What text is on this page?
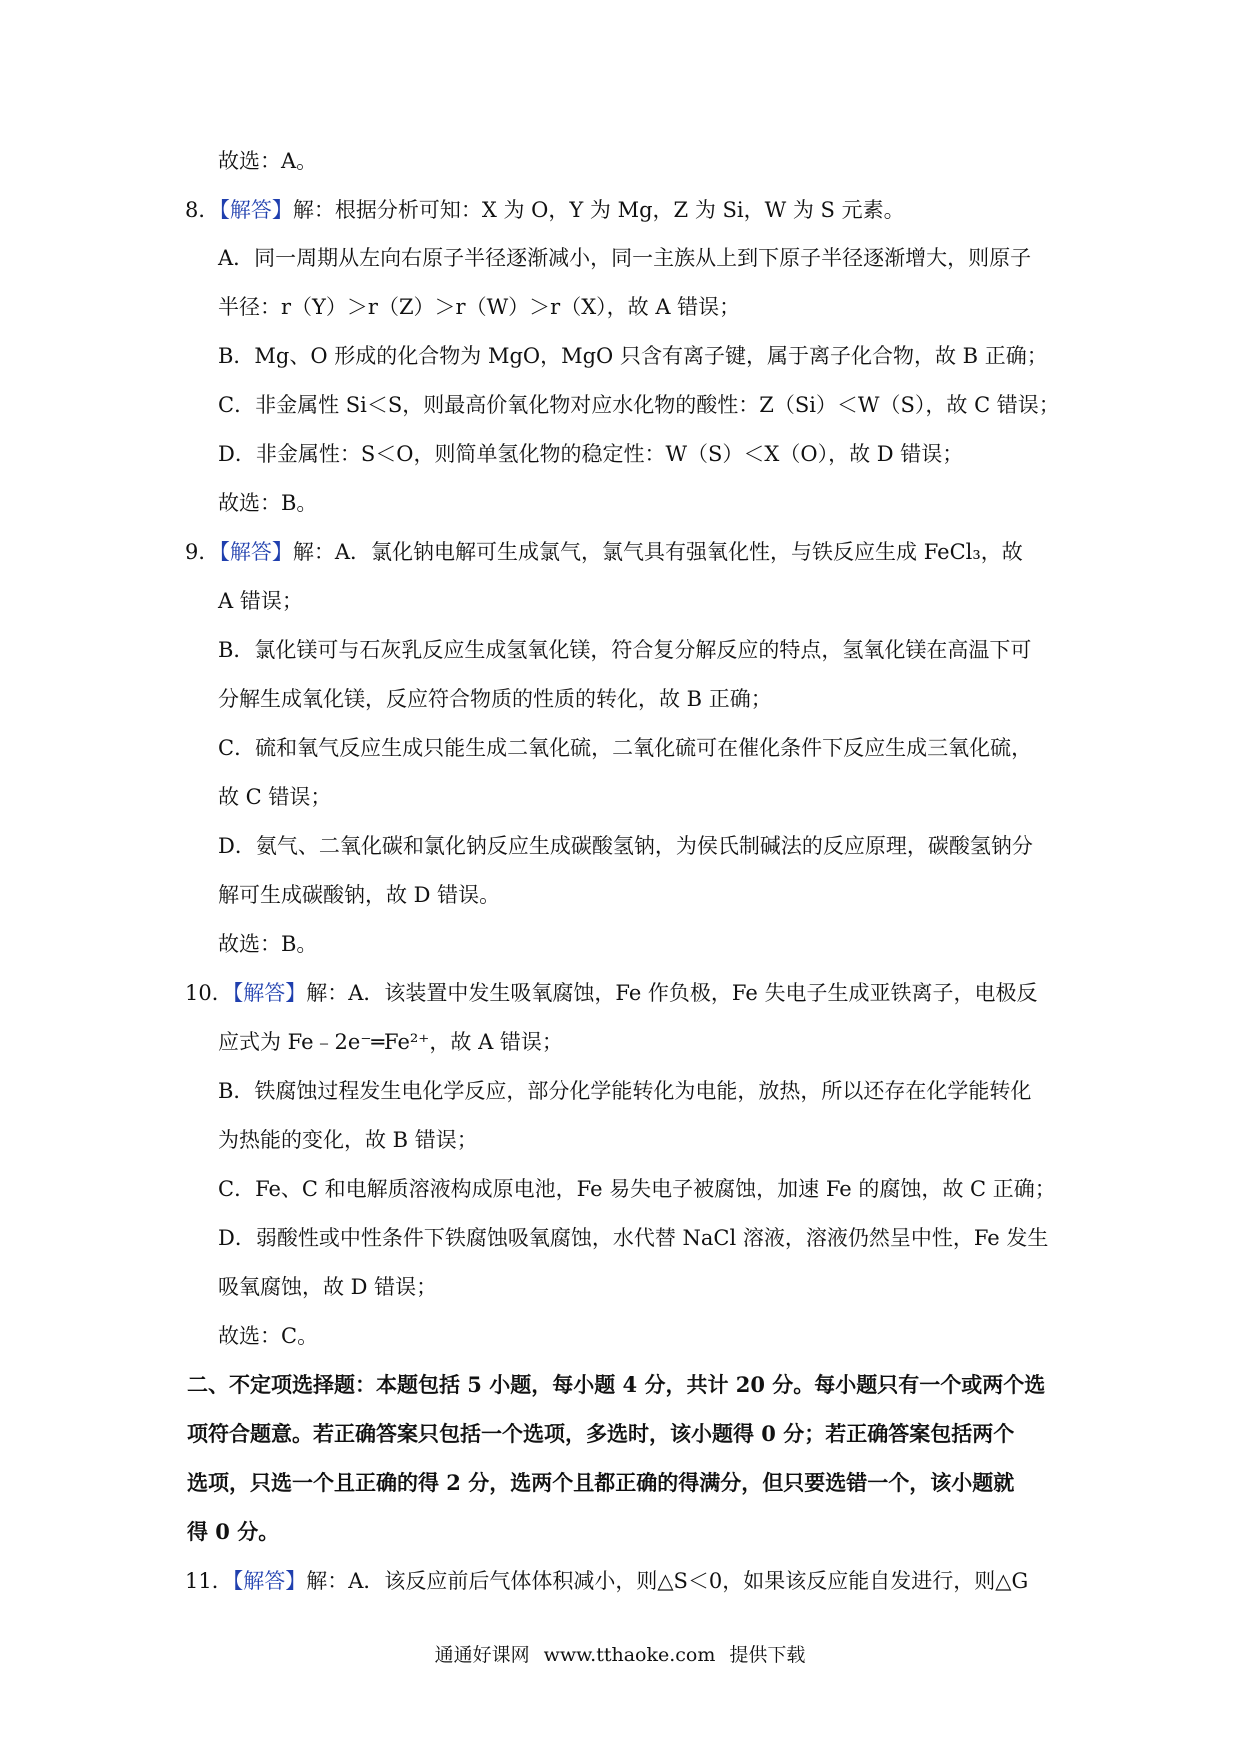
故选：A。
8．【解答】解：根据分析可知：X 为 O，Y 为 Mg，Z 为 Si，W 为 S 元素。
A．同一周期从左向右原子半径逐渐减小，同一主族从上到下原子半径逐渐增大，则原子
半径：r（Y）＞r（Z）＞r（W）＞r（X），故 A 错误；
B．Mg、O 形成的化合物为 MgO，MgO 只含有离子键，属于离子化合物，故 B 正确；
C．非金属性 Si＜S，则最高价氧化物对应水化物的酸性：Z（Si）＜W（S），故 C 错误；
D．非金属性：S＜O，则简单氢化物的稳定性：W（S）＜X（O），故 D 错误；
故选：B。
9．【解答】解：A．氯化钠电解可生成氯气，氯气具有强氧化性，与铁反应生成 FeCl₃，故
A 错误；
B．氯化镁可与石灰乳反应生成氢氧化镁，符合复分解反应的特点，氢氧化镁在高温下可
分解生成氧化镁，反应符合物质的性质的转化，故 B 正确；
C．硫和氧气反应生成只能生成二氧化硫，二氧化硫可在催化条件下反应生成三氧化硫，
故 C 错误；
D．氨气、二氧化碳和氯化钠反应生成碳酸氢钠，为侯氏制碱法的反应原理，碳酸氢钠分
解可生成碳酸钠，故 D 错误。
故选：B。
10．【解答】解：A．该装置中发生吸氧腐蚀，Fe 作负极，Fe 失电子生成亚铁离子，电极反
应式为 Fe﹣2e⁻═Fe²⁺，故 A 错误；
B．铁腐蚀过程发生电化学反应，部分化学能转化为电能，放热，所以还存在化学能转化
为热能的变化，故 B 错误；
C．Fe、C 和电解质溶液构成原电池，Fe 易失电子被腐蚀，加速 Fe 的腐蚀，故 C 正确；
D．弱酸性或中性条件下铁腐蚀吸氧腐蚀，水代替 NaCl 溶液，溶液仍然呈中性，Fe 发生
吸氧腐蚀，故 D 错误；
故选：C。
二、不定项选择题：本题包括 5 小题，每小题 4 分，共计 20 分。每小题只有一个或两个选
项符合题意。若正确答案只包括一个选项，多选时，该小题得 0 分；若正确答案包括两个
选项，只选一个且正确的得 2 分，选两个且都正确的得满分，但只要选错一个，该小题就
得 0 分。
11．【解答】解：A．该反应前后气体体积减小，则△S＜0，如果该反应能自发进行，则△G
通通好课网 www.tthaoke.com 提供下载
